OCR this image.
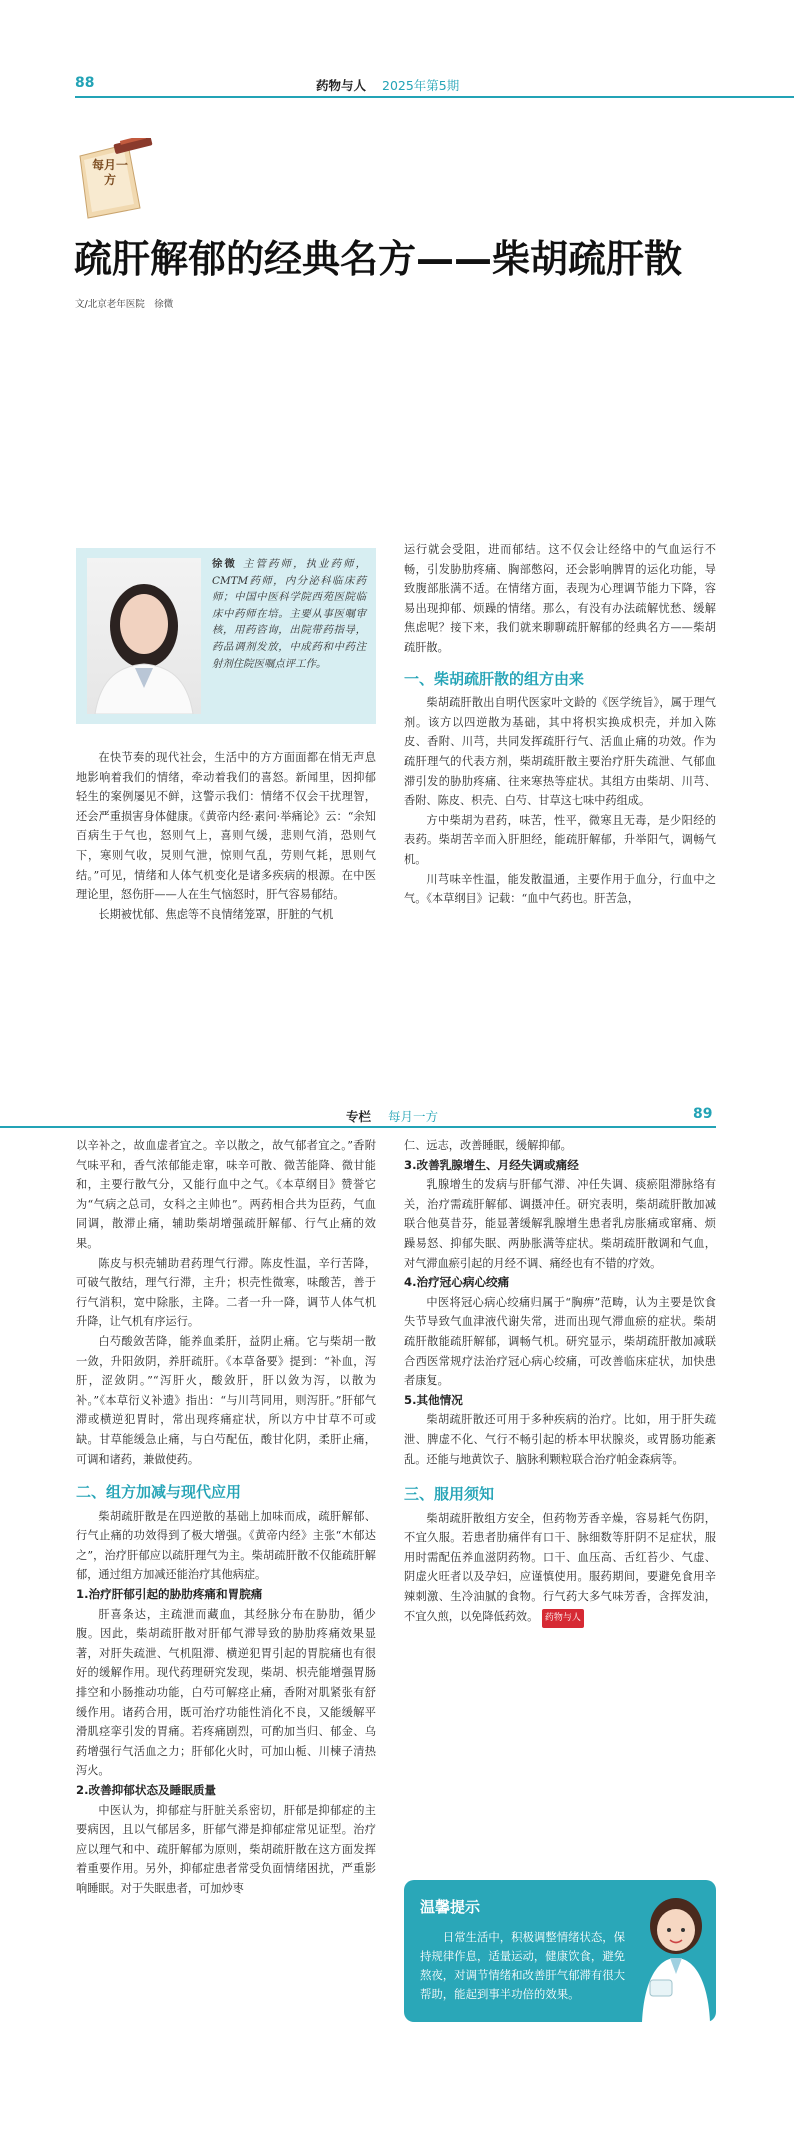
88	药物与人 2025年第5期
每月一方
疏肝解郁的经典名方——柴胡疏肝散
文/北京老年医院　徐微
徐微 主管药师，执业药师，CMTM药师，内分泌科临床药师；中国中医科学院西苑医院临床中药师在培。主要从事医嘱审核，用药咨询，出院带药指导，药品调剂发放，中成药和中药注射剂住院医嘱点评工作。

在快节奏的现代社会，生活中的方方面面都在悄无声息地影响着我们的情绪，牵动着我们的喜怒。新闻里，因抑郁轻生的案例屡见不鲜，这警示我们：情绪不仅会干扰理智，还会严重损害身体健康。《黄帝内经·素问·举痛论》云：“余知百病生于气也，怒则气上，喜则气缓，悲则气消，恐则气下，寒则气收，炅则气泄，惊则气乱，劳则气耗，思则气结。”可见，情绪和人体气机变化是诸多疾病的根源。在中医理论里，怒伤肝——人在生气恼怒时，肝气容易郁结。

长期被忧郁、焦虑等不良情绪笼罩，肝脏的气机

运行就会受阻，进而郁结。这不仅会让经络中的气血运行不畅，引发胁肋疼痛、胸部憋闷，还会影响脾胃的运化功能，导致腹部胀满不适。在情绪方面，表现为心理调节能力下降，容易出现抑郁、烦躁的情绪。那么，有没有办法疏解忧愁、缓解焦虑呢？接下来，我们就来聊聊疏肝解郁的经典名方——柴胡疏肝散。

一、柴胡疏肝散的组方由来

柴胡疏肝散出自明代医家叶文龄的《医学统旨》，属于理气剂。该方以四逆散为基础，其中将枳实换成枳壳，并加入陈皮、香附、川芎，共同发挥疏肝行气、活血止痛的功效。作为疏肝理气的代表方剂，柴胡疏肝散主要治疗肝失疏泄、气郁血滞引发的胁肋疼痛、往来寒热等症状。其组方由柴胡、川芎、香附、陈皮、枳壳、白芍、甘草这七味中药组成。

方中柴胡为君药，味苦，性平，微寒且无毒，是少阳经的表药。柴胡苦辛而入肝胆经，能疏肝解郁，升举阳气，调畅气机。

川芎味辛性温，能发散温通，主要作用于血分，行血中之气。《本草纲目》记载：“血中气药也。肝苦急，

专栏 每月一方	89

以辛补之，故血虚者宜之。辛以散之，故气郁者宜之。”香附气味平和，香气浓郁能走窜，味辛可散、微苦能降、微甘能和，主要行散气分，又能行血中之气。《本草纲目》赞誉它为“气病之总司，女科之主帅也”。两药相合共为臣药，气血同调，散滞止痛，辅助柴胡增强疏肝解郁、行气止痛的效果。

陈皮与枳壳辅助君药理气行滞。陈皮性温，辛行苦降，可破气散结，理气行滞，主升；枳壳性微寒，味酸苦，善于行气消积，宽中除胀，主降。二者一升一降，调节人体气机升降，让气机有序运行。

白芍酸敛苦降，能养血柔肝，益阴止痛。它与柴胡一散一敛，升阳敛阴，养肝疏肝。《本草备要》提到：“补血，泻肝，涩敛阴。”“泻肝火，酸敛肝，肝以敛为泻，以散为补。”《本草衍义补遗》指出：“与川芎同用，则泻肝。”肝郁气滞或横逆犯胃时，常出现疼痛症状，所以方中甘草不可或缺。甘草能缓急止痛，与白芍配伍，酸甘化阴，柔肝止痛，可调和诸药，兼做使药。

二、组方加减与现代应用

柴胡疏肝散是在四逆散的基础上加味而成，疏肝解郁、行气止痛的功效得到了极大增强。《黄帝内经》主张“木郁达之”，治疗肝郁应以疏肝理气为主。柴胡疏肝散不仅能疏肝解郁，通过组方加减还能治疗其他病症。

1.治疗肝郁引起的胁肋疼痛和胃脘痛

肝喜条达，主疏泄而藏血，其经脉分布在胁肋，循少腹。因此，柴胡疏肝散对肝郁气滞导致的胁肋疼痛效果显著，对肝失疏泄、气机阻滞、横逆犯胃引起的胃脘痛也有很好的缓解作用。现代药理研究发现，柴胡、枳壳能增强胃肠排空和小肠推动功能，白芍可解痉止痛，香附对肌紧张有舒缓作用。诸药合用，既可治疗功能性消化不良，又能缓解平滑肌痉挛引发的胃痛。若疼痛剧烈，可酌加当归、郁金、乌药增强行气活血之力；肝郁化火时，可加山栀、川楝子清热泻火。

2.改善抑郁状态及睡眠质量

中医认为，抑郁症与肝脏关系密切，肝郁是抑郁症的主要病因，且以气郁居多，肝郁气滞是抑郁症常见证型。治疗应以理气和中、疏肝解郁为原则，柴胡疏肝散在这方面发挥着重要作用。另外，抑郁症患者常受负面情绪困扰，严重影响睡眠。对于失眠患者，可加炒枣

仁、远志，改善睡眠，缓解抑郁。

3.改善乳腺增生、月经失调或痛经

乳腺增生的发病与肝郁气滞、冲任失调、痰瘀阻滞脉络有关，治疗需疏肝解郁、调摄冲任。研究表明，柴胡疏肝散加减联合他莫昔芬，能显著缓解乳腺增生患者乳房胀痛或窜痛、烦躁易怒、抑郁失眠、两胁胀满等症状。柴胡疏肝散调和气血，对气滞血瘀引起的月经不调、痛经也有不错的疗效。

4.治疗冠心病心绞痛

中医将冠心病心绞痛归属于“胸痹”范畴，认为主要是饮食失节导致气血津液代谢失常，进而出现气滞血瘀的症状。柴胡疏肝散能疏肝解郁，调畅气机。研究显示，柴胡疏肝散加减联合西医常规疗法治疗冠心病心绞痛，可改善临床症状，加快患者康复。

5.其他情况

柴胡疏肝散还可用于多种疾病的治疗。比如，用于肝失疏泄、脾虚不化、气行不畅引起的桥本甲状腺炎，或胃肠功能紊乱。还能与地黄饮子、脑脉利颗粒联合治疗帕金森病等。

三、服用须知

柴胡疏肝散组方安全，但药物芳香辛燥，容易耗气伤阴，不宜久服。若患者肋痛伴有口干、脉细数等肝阴不足症状，服用时需配伍养血滋阴药物。口干、血压高、舌红苔少、气虚、阴虚火旺者以及孕妇，应谨慎使用。服药期间，要避免食用辛辣刺激、生冷油腻的食物。行气药大多气味芳香，含挥发油，不宜久煎，以免降低药效。 药物与人

温馨提示
日常生活中，积极调整情绪状态，保持规律作息，适量运动，健康饮食，避免熬夜，对调节情绪和改善肝气郁滞有很大帮助，能起到事半功倍的效果。
